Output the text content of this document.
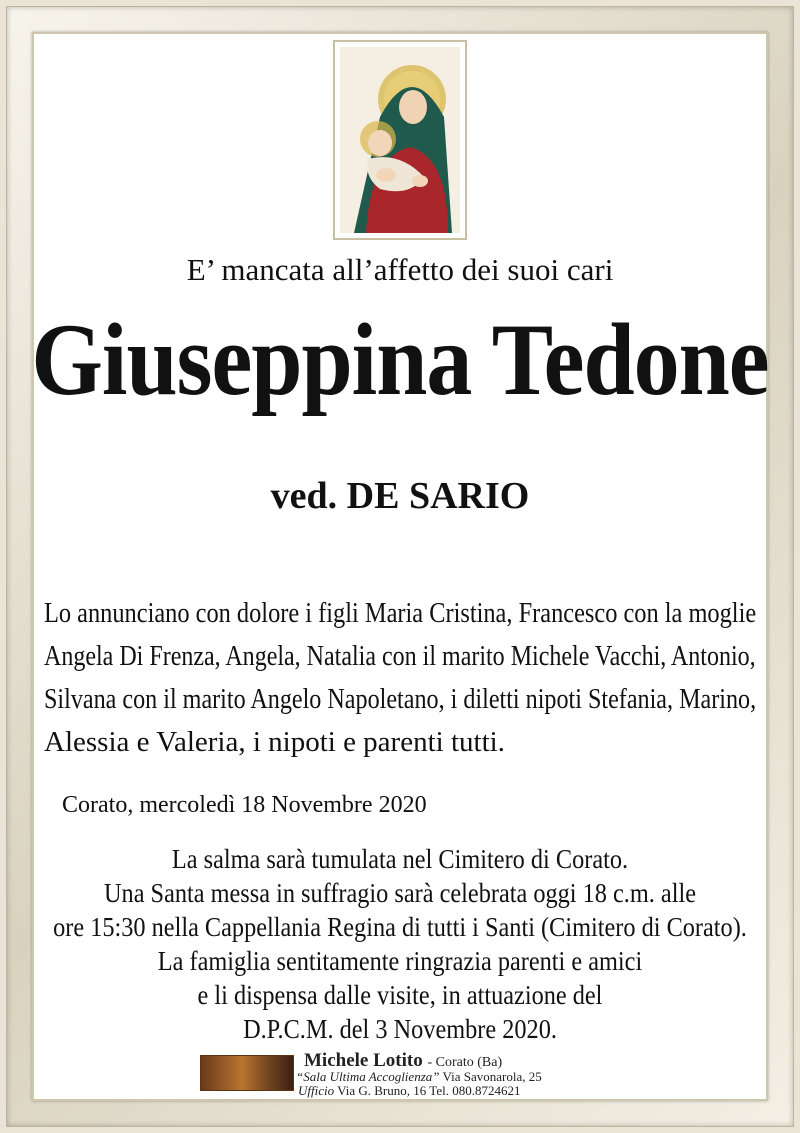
E’ mancata all’affetto dei suoi cari
Giuseppina Tedone
ved. DE SARIO
Lo annunciano con dolore i figli Maria Cristina, Francesco con la moglie
Angela Di Frenza, Angela, Natalia con il marito Michele Vacchi, Antonio,
Silvana con il marito Angelo Napoletano, i diletti nipoti Stefania, Marino,
Alessia e Valeria, i nipoti e parenti tutti.
Corato, mercoledì 18 Novembre 2020
La salma sarà tumulata nel Cimitero di Corato.
Una Santa messa in suffragio sarà celebrata oggi 18 c.m. alle
ore 15:30 nella Cappellania Regina di tutti i Santi (Cimitero di Corato).
La famiglia sentitamente ringrazia parenti e amici
e li dispensa dalle visite, in attuazione del
D.P.C.M. del 3 Novembre 2020.
Michele Lotito - Corato (Ba)
“Sala Ultima Accoglienza” Via Savonarola, 25
Ufficio Via G. Bruno, 16 Tel. 080.8724621
